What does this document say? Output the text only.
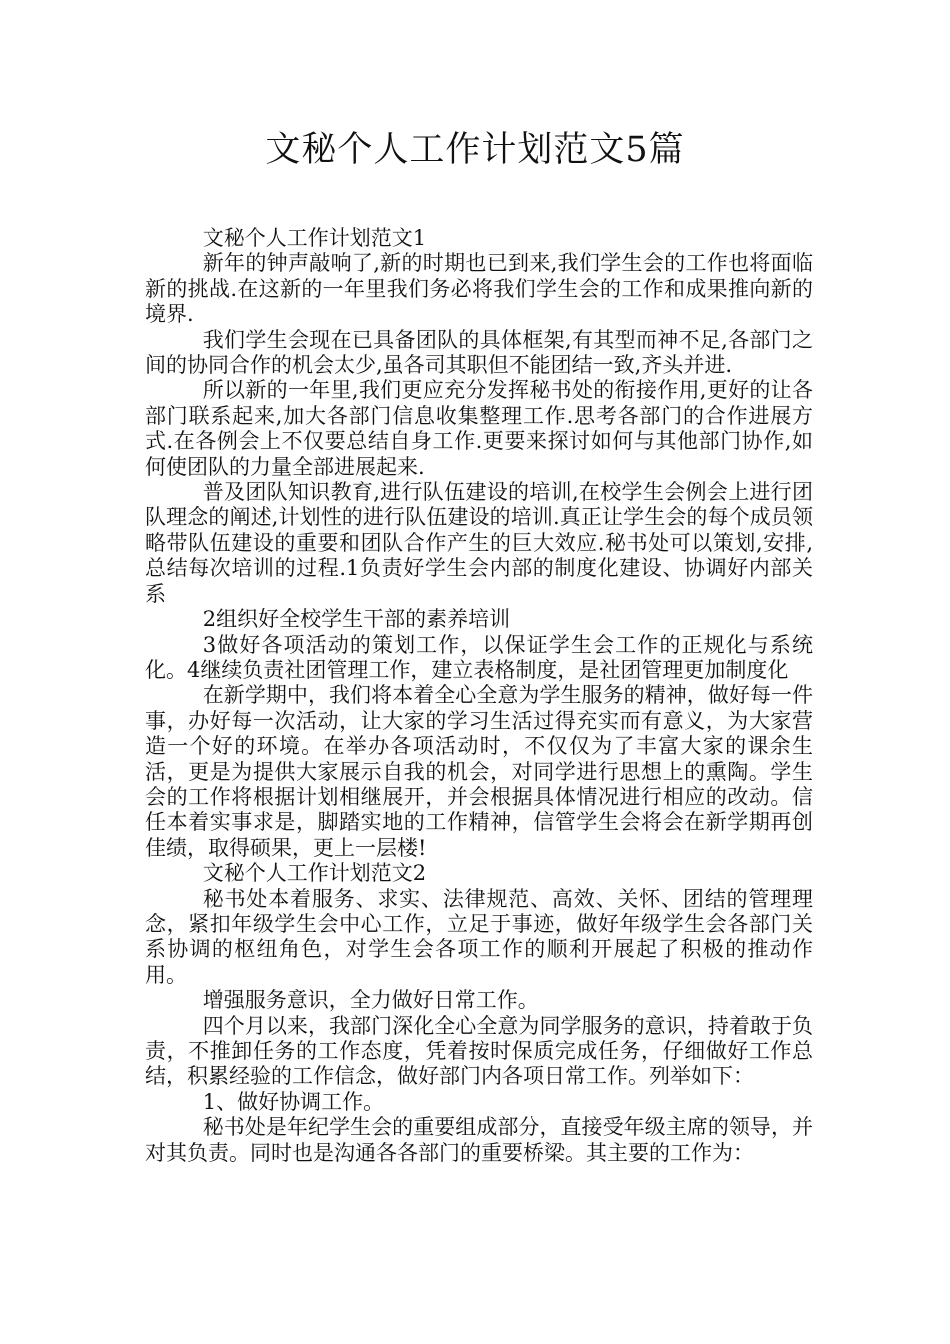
文秘个人工作计划范文5篇

文秘个人工作计划范文1

新年的钟声敲响了,新的时期也已到来,我们学生会的工作也将面临新的挑战.在这新的一年里我们务必将我们学生会的工作和成果推向新的境界.

我们学生会现在已具备团队的具体框架,有其型而神不足,各部门之间的协同合作的机会太少,虽各司其职但不能团结一致,齐头并进.

所以新的一年里,我们更应充分发挥秘书处的衔接作用,更好的让各部门联系起来,加大各部门信息收集整理工作.思考各部门的合作进展方式.在各例会上不仅要总结自身工作.更要来探讨如何与其他部门协作,如何使团队的力量全部进展起来.

普及团队知识教育,进行队伍建设的培训,在校学生会例会上进行团队理念的阐述,计划性的进行队伍建设的培训.真正让学生会的每个成员领略带队伍建设的重要和团队合作产生的巨大效应.秘书处可以策划,安排,总结每次培训的过程.1负责好学生会内部的制度化建设、协调好内部关系

2组织好全校学生干部的素养培训

3做好各项活动的策划工作，以保证学生会工作的正规化与系统化。4继续负责社团管理工作，建立表格制度，是社团管理更加制度化

在新学期中，我们将本着全心全意为学生服务的精神，做好每一件事，办好每一次活动，让大家的学习生活过得充实而有意义，为大家营造一个好的环境。在举办各项活动时，不仅仅为了丰富大家的课余生活，更是为提供大家展示自我的机会，对同学进行思想上的熏陶。学生会的工作将根据计划相继展开，并会根据具体情况进行相应的改动。信任本着实事求是，脚踏实地的工作精神，信管学生会将会在新学期再创佳绩，取得硕果，更上一层楼!

文秘个人工作计划范文2

秘书处本着服务、求实、法律规范、高效、关怀、团结的管理理念，紧扣年级学生会中心工作，立足于事迹，做好年级学生会各部门关系协调的枢纽角色，对学生会各项工作的顺利开展起了积极的推动作用。

增强服务意识，全力做好日常工作。

四个月以来，我部门深化全心全意为同学服务的意识，持着敢于负责，不推卸任务的工作态度，凭着按时保质完成任务，仔细做好工作总结，积累经验的工作信念，做好部门内各项日常工作。列举如下：

1、做好协调工作。

秘书处是年纪学生会的重要组成部分，直接受年级主席的领导，并对其负责。同时也是沟通各各部门的重要桥梁。其主要的工作为：
